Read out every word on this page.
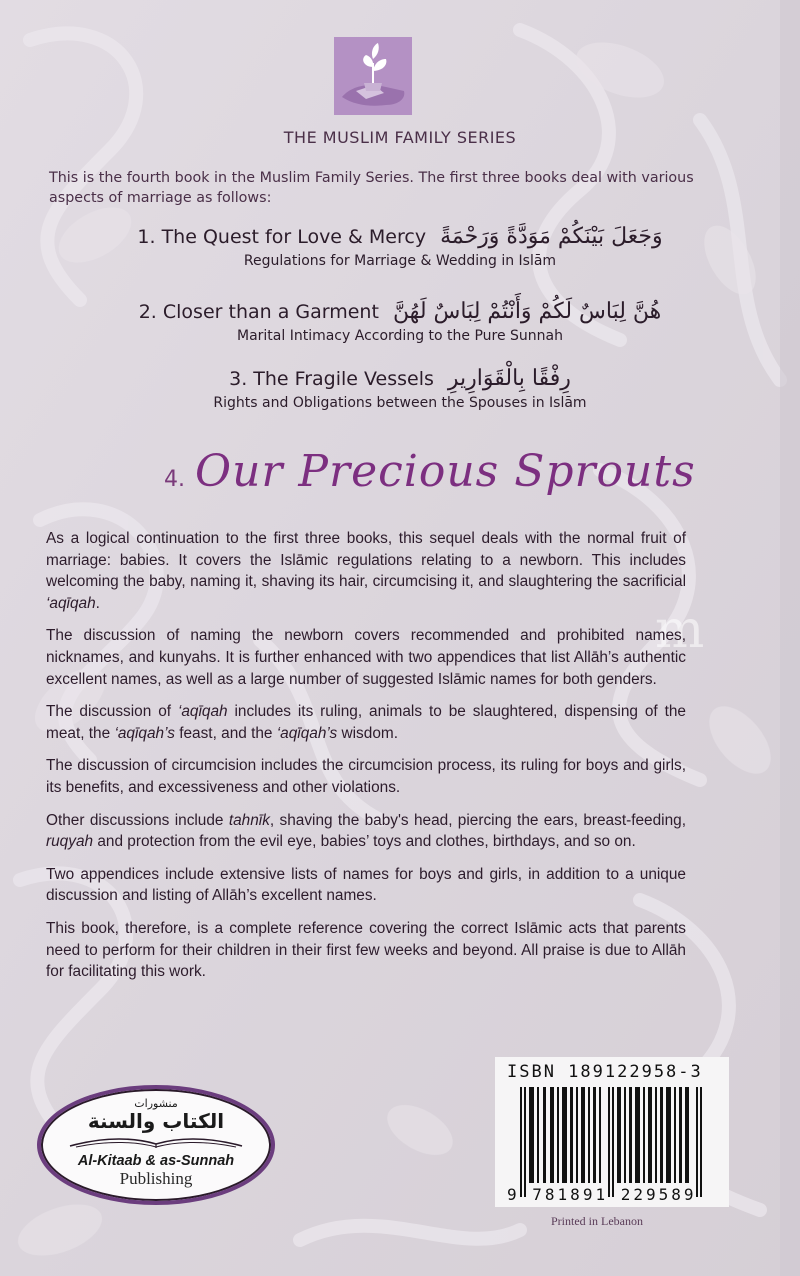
THE MUSLIM FAMILY SERIES
This is the fourth book in the Muslim Family Series. The first three books deal with various aspects of marriage as follows:
1. The Quest for Love & Mercy وَجَعَلَ بَيْنَكُمْ مَوَدَّةً وَرَحْمَةً
Regulations for Marriage & Wedding in Islām
2. Closer than a Garment هُنَّ لِبَاسٌ لَكُمْ وَأَنْتُمْ لِبَاسٌ لَهُنَّ
Marital Intimacy According to the Pure Sunnah
3. The Fragile Vessels رِفْقًا بِالْقَوَارِيرِ
Rights and Obligations between the Spouses in Islām
4. Our Precious Sprouts
m

As a logical continuation to the first three books, this sequel deals with the normal fruit of marriage: babies. It covers the Islāmic regulations relating to a newborn. This includes welcoming the baby, naming it, shaving its hair, circumcising it, and slaughtering the sacrificial ‘aqīqah.

The discussion of naming the newborn covers recommended and prohibited names, nicknames, and kunyahs. It is further enhanced with two appendices that list Allāh’s authentic excellent names, as well as a large number of suggested Islāmic names for both genders.

The discussion of ‘aqīqah includes its ruling, animals to be slaughtered, dispensing of the meat, the ‘aqīqah’s feast, and the ‘aqīqah’s wisdom.

The discussion of circumcision includes the circumcision process, its ruling for boys and girls, its benefits, and excessiveness and other violations.

Other discussions include tahnīk, shaving the baby's head, piercing the ears, breast-feeding, ruqyah and protection from the evil eye, babies’ toys and clothes, birthdays, and so on.

Two appendices include extensive lists of names for boys and girls, in addition to a unique discussion and listing of Allāh’s excellent names.

This book, therefore, is a complete reference covering the correct Islāmic acts that parents need to perform for their children in their first few weeks and beyond. All praise is due to Allāh for facilitating this work.

منشورات
الكتاب والسنة
Al-Kitaab & as-Sunnah
Publishing
ISBN 189122958-3
9 781891 229589
Printed in Lebanon
